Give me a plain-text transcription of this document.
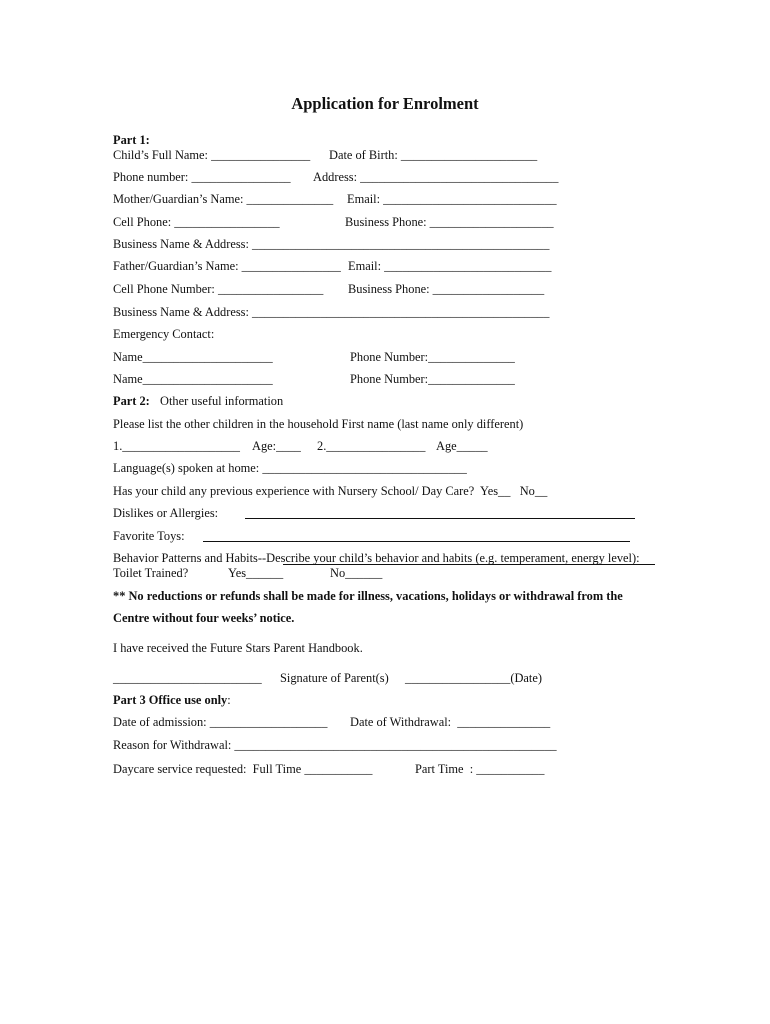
Application for Enrolment
Part 1:
Child’s Full Name: ________________ Date of Birth: ______________________
Phone number: ________________ Address: ________________________________
Mother/Guardian’s Name: ______________ Email: ____________________________
Cell Phone: _________________	Business Phone: ____________________
Business Name & Address: ________________________________________________
Father/Guardian’s Name: ________________ Email: ___________________________
Cell Phone Number: _________________ Business Phone: __________________
Business Name & Address: ________________________________________________
Emergency Contact:
Name_____________________	Phone Number:______________
Name_____________________	Phone Number:______________
Part 2: Other useful information
Please list the other children in the household First name (last name only different)
1.___________________ Age:____ 2.________________ Age_____
Language(s) spoken at home: _________________________________
Has your child any previous experience with Nursery School/ Day Care?  Yes__   No__
Dislikes or Allergies:
Favorite Toys:
Behavior Patterns and Habits--Describe your child’s behavior and habits (e.g. temperament, energy level):
Toilet Trained?	Yes______	No______
** No reductions or refunds shall be made for illness, vacations, holidays or withdrawal from the
Centre without four weeks’ notice.
I have received the Future Stars Parent Handbook.
________________________ Signature of Parent(s) _________________(Date)
Part 3 Office use only:
Date of admission: ___________________ Date of Withdrawal:  _______________
Reason for Withdrawal: ____________________________________________________
Daycare service requested:  Full Time ___________	Part Time  : ___________
